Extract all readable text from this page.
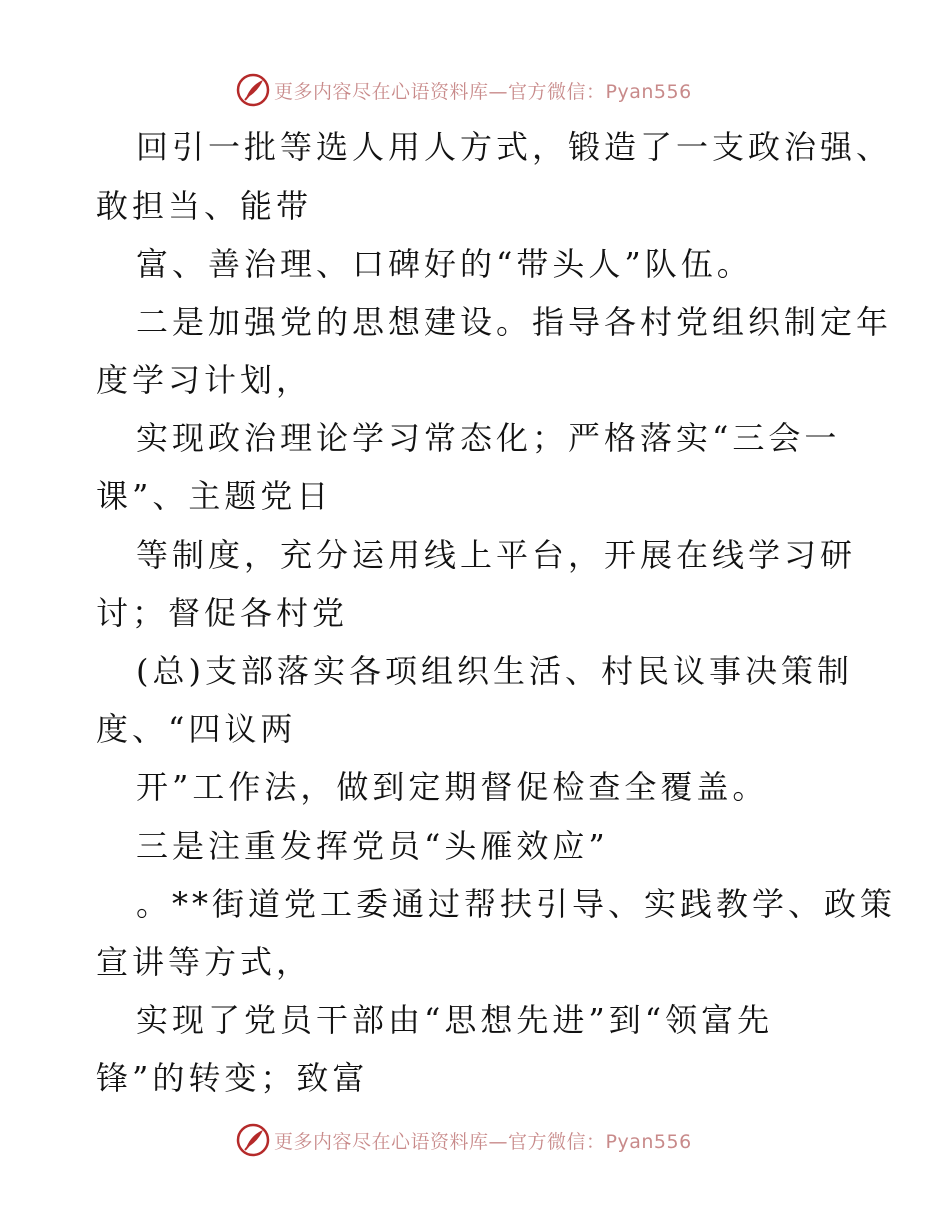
更多内容尽在心语资料库—官方微信：Pyan556
回引一批等选人用人方式，锻造了一支政治强、
敢担当、能带
富、善治理、口碑好的“带头人”队伍。
二是加强党的思想建设。指导各村党组织制定年
度学习计划，
实现政治理论学习常态化；严格落实“三会一
课”、主题党日
等制度，充分运用线上平台，开展在线学习研
讨；督促各村党
(总)支部落实各项组织生活、村民议事决策制
度、“四议两
开”工作法，做到定期督促检查全覆盖。
三是注重发挥党员“头雁效应”
。**街道党工委通过帮扶引导、实践教学、政策
宣讲等方式，
实现了党员干部由“思想先进”到“领富先
锋”的转变；致富
更多内容尽在心语资料库—官方微信：Pyan556
